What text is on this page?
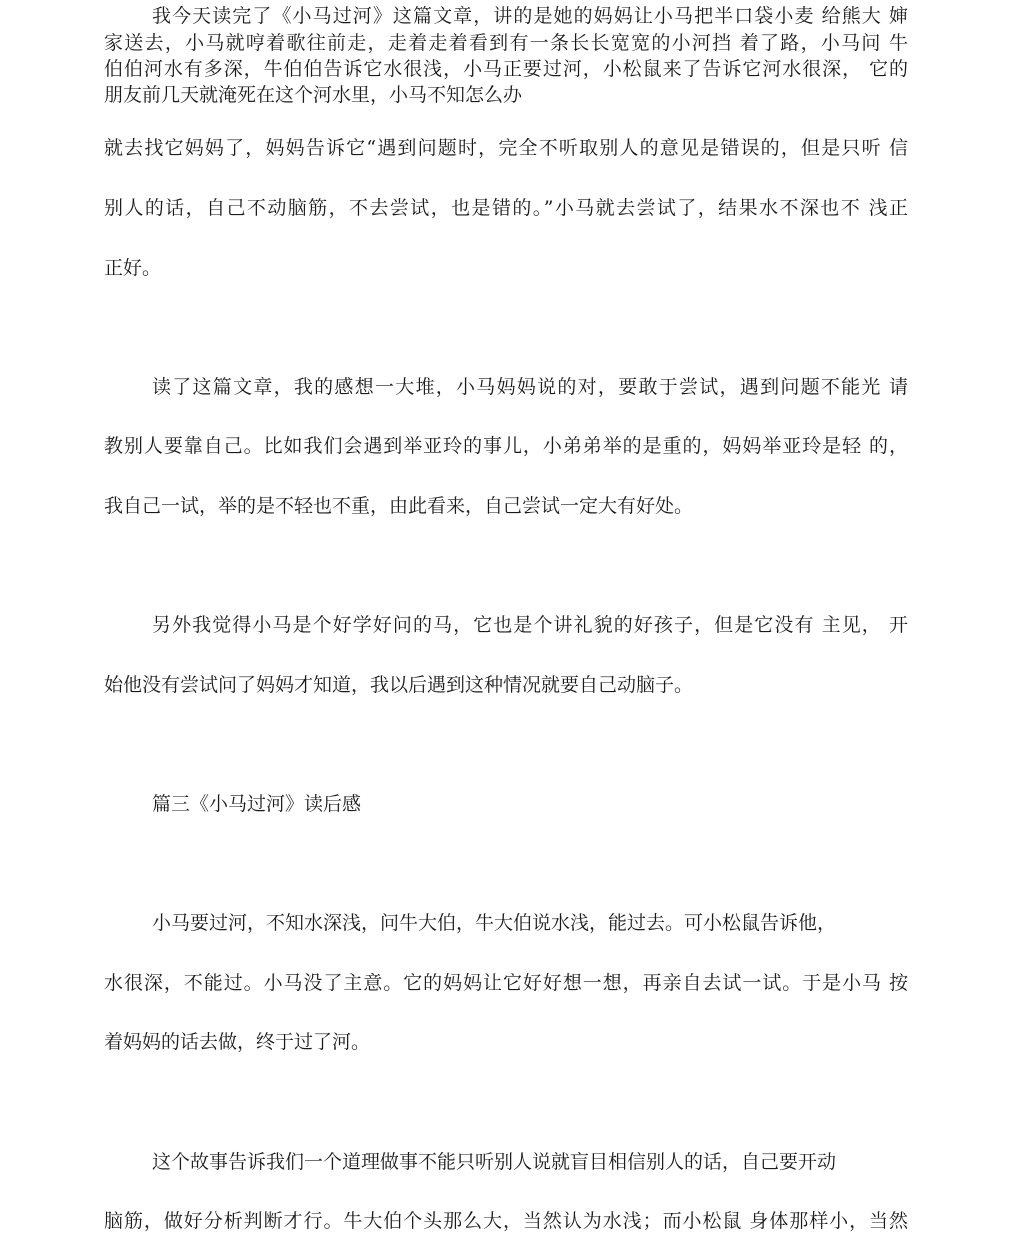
我今天读完了《小马过河》这篇文章，讲的是她的妈妈让小马把半口袋小麦 给熊大 婶
家送去，小马就哼着歌往前走，走着走着看到有一条长长宽宽的小河挡 着了路，小马问 牛
伯伯河水有多深，牛伯伯告诉它水很浅，小马正要过河，小松鼠来了告诉它河水很深， 它的
朋友前几天就淹死在这个河水里，小马不知怎么办
就去找它妈妈了，妈妈告诉它“遇到问题时，完全不听取别人的意见是错误的，但是只听 信
别人的话，自己不动脑筋，不去尝试，也是错的。”小马就去尝试了，结果水不深也不 浅正
正好。
读了这篇文章，我的感想一大堆，小马妈妈说的对，要敢于尝试，遇到问题不能光 请
教别人要靠自己。比如我们会遇到举亚玲的事儿，小弟弟举的是重的，妈妈举亚玲是轻 的，
我自己一试，举的是不轻也不重，由此看来，自己尝试一定大有好处。
另外我觉得小马是个好学好问的马，它也是个讲礼貌的好孩子，但是它没有 主见， 开
始他没有尝试问了妈妈才知道，我以后遇到这种情况就要自己动脑子。
篇三《小马过河》读后感
小马要过河，不知水深浅，问牛大伯，牛大伯说水浅，能过去。可小松鼠告诉他，
水很深，不能过。小马没了主意。它的妈妈让它好好想一想，再亲自去试一试。于是小马 按
着妈妈的话去做，终于过了河。
这个故事告诉我们一个道理做事不能只听别人说就盲目相信别人的话，自己要开动
脑筋，做好分析判断才行。牛大伯个头那么大，当然认为水浅；而小松鼠 身体那样小，当然
